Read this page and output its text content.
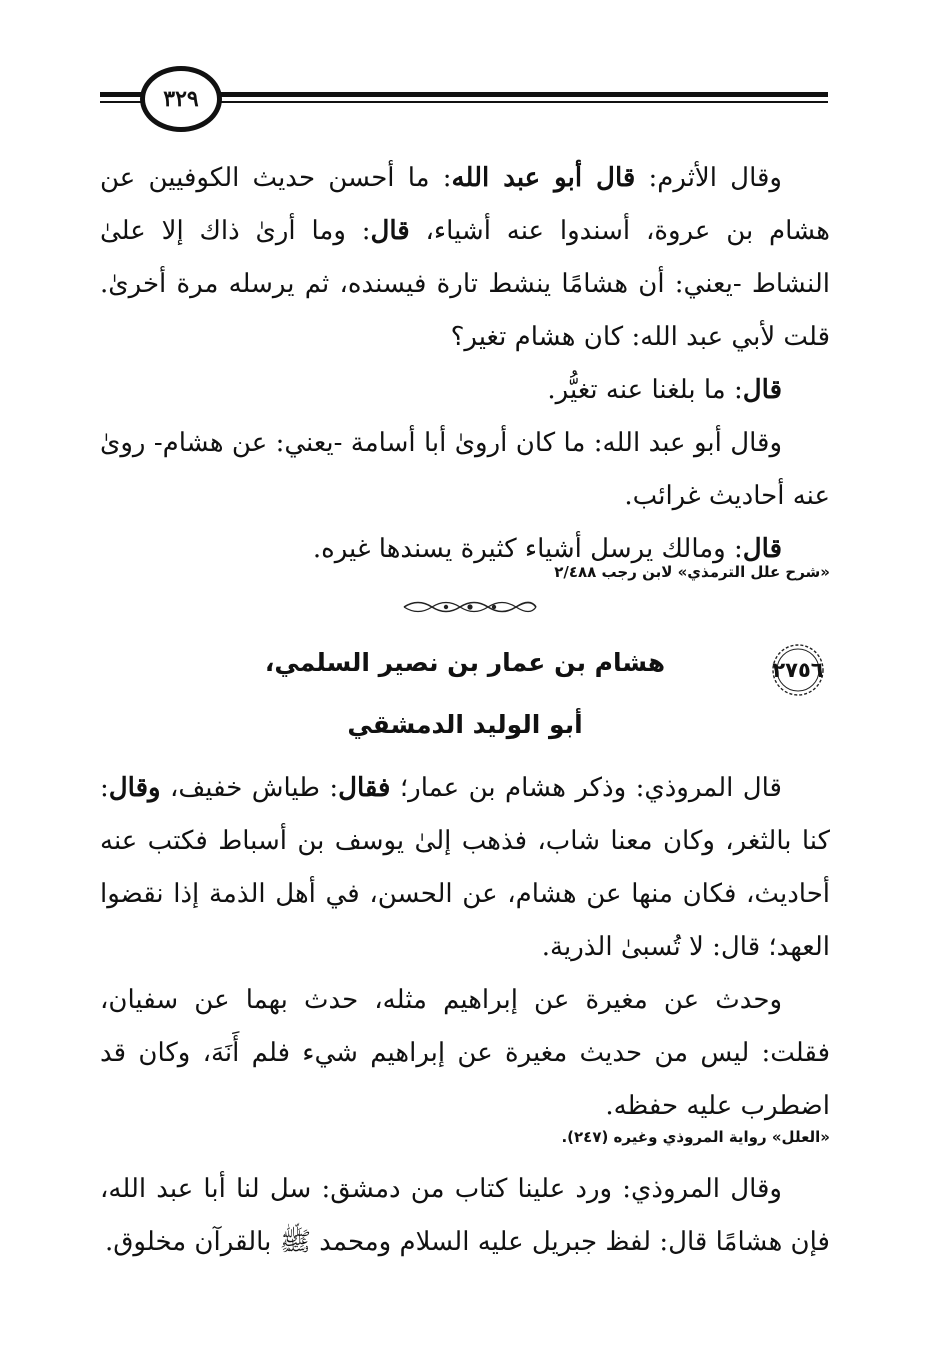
٣٢٩

وقال الأثرم: قال أبو عبد الله: ما أحسن حديث الكوفيين عن هشام بن عروة، أسندوا عنه أشياء، قال: وما أرىٰ ذاك إلا علىٰ النشاط -يعني: أن هشامًا ينشط تارة فيسنده، ثم يرسله مرة أخرىٰ. قلت لأبي عبد الله: كان هشام تغير؟

قال: ما بلغنا عنه تغيُّر.

وقال أبو عبد الله: ما كان أروىٰ أبا أسامة -يعني: عن هشام- روىٰ عنه أحاديث غرائب.

قال: ومالك يرسل أشياء كثيرة يسندها غيره.

«شرح علل الترمذي» لابن رجب ٢/٤٨٨
٢٧٥٦
هشام بن عمار بن نصير السلمي،
أبو الوليد الدمشقي

قال المروذي: وذكر هشام بن عمار؛ فقال: طياش خفيف، وقال: كنا بالثغر، وكان معنا شاب، فذهب إلىٰ يوسف بن أسباط فكتب عنه أحاديث، فكان منها عن هشام، عن الحسن، في أهل الذمة إذا نقضوا العهد؛ قال: لا تُسبىٰ الذرية.

وحدث عن مغيرة عن إبراهيم مثله، حدث بهما عن سفيان، فقلت: ليس من حديث مغيرة عن إبراهيم شيء فلم أَنَهَ، وكان قد اضطرب عليه حفظه.

«العلل» رواية المروذي وغيره (٢٤٧).

وقال المروذي: ورد علينا كتاب من دمشق: سل لنا أبا عبد الله، فإن هشامًا قال: لفظ جبريل عليه السلام ومحمد ﷺ بالقرآن مخلوق.
